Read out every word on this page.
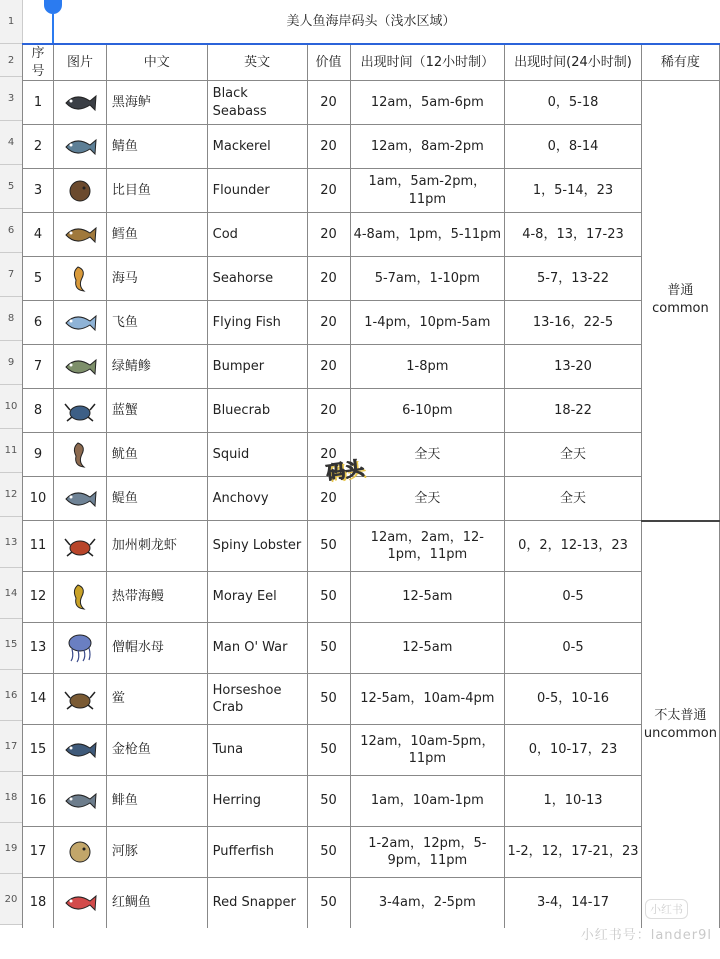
1
2
3
4
5
6
7
8
9
10
11
12
13
14
15
16
17
18
19
20
美人鱼海岸码头（浅水区域）							
序号	图片	中文	英文	价值	出现时间（12小时制）	出现时间(24小时制)	稀有度
1		黑海鲈	Black Seabass	20	12am，5am-6pm	0，5-18	普通
common

2		鲭鱼	Mackerel	20	12am，8am-2pm	0，8-14	
3		比目鱼	Flounder	20	1am，5am-2pm，11pm	1，5-14，23	
4		鳕鱼	Cod	20	4-8am，1pm，5-11pm	4-8，13，17-23	
5		海马	Seahorse	20	5-7am，1-10pm	5-7，13-22	
6		飞鱼	Flying Fish	20	1-4pm，10pm-5am	13-16，22-5	
7		绿鲭鲹	Bumper	20	1-8pm	13-20	
8		蓝蟹	Bluecrab	20	6-10pm	18-22	
9		鱿鱼	Squid	20	全天	全天	
10		鳀鱼	Anchovy	20	全天	全天	
11		加州刺龙虾	Spiny Lobster	50	12am，2am，12-1pm，11pm	0，2，12-13，23	不太普通
uncommon

12		热带海鳗	Moray Eel	50	12-5am	0-5	
13		僧帽水母	Man O' War	50	12-5am	0-5	
14		鲎	Horseshoe Crab	50	12-5am，10am-4pm	0-5，10-16	
15		金枪鱼	Tuna	50	12am，10am-5pm，11pm	0，10-17，23	
16		鲱鱼	Herring	50	1am，10am-1pm	1，10-13	
17		河豚	Pufferfish	50	1-2am，12pm，5-9pm，11pm	1-2，12，17-21，23	
18		红鲷鱼	Red Snapper	50	3-4am，2-5pm	3-4，14-17	
码头
小红书
小红书号：lander9l
